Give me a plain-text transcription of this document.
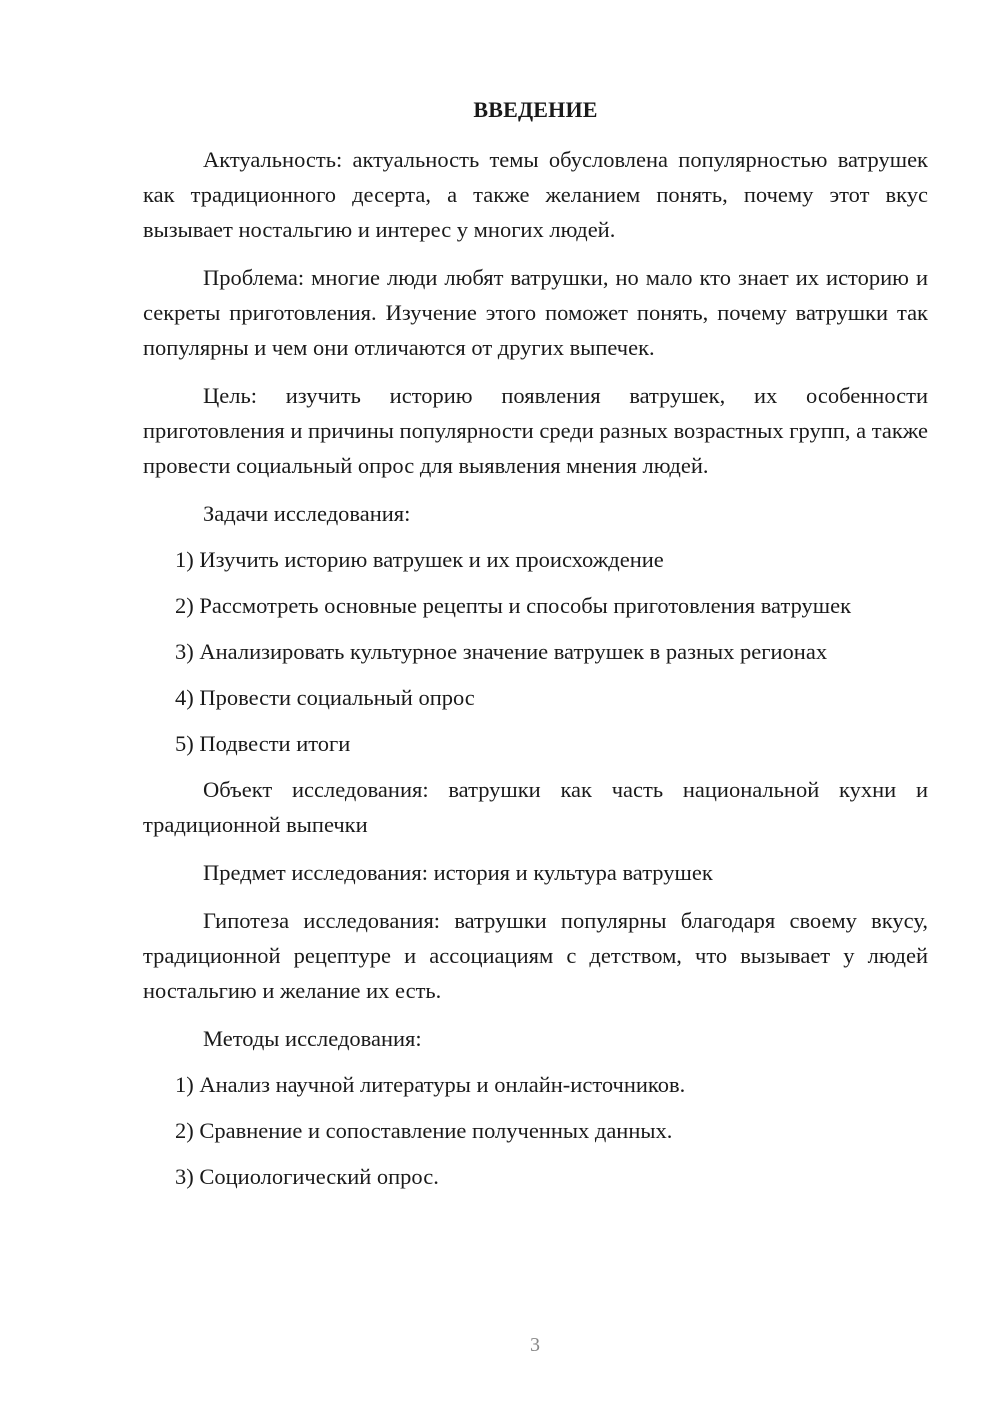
ВВЕДЕНИЕ

Актуальность: актуальность темы обусловлена популярностью ватрушек как традиционного десерта, а также желанием понять, почему этот вкус вызывает ностальгию и интерес у многих людей.

Проблема: многие люди любят ватрушки, но мало кто знает их историю и секреты приготовления. Изучение этого поможет понять, почему ватрушки так популярны и чем они отличаются от других выпечек.

Цель: изучить историю появления ватрушек, их особенности приготовления и причины популярности среди разных возрастных групп, а также провести социальный опрос для выявления мнения людей.

Задачи исследования:
1) Изучить историю ватрушек и их происхождение
2) Рассмотреть основные рецепты и способы приготовления ватрушек
3) Анализировать культурное значение ватрушек в разных регионах
4) Провести социальный опрос
5) Подвести итоги

Объект исследования: ватрушки как часть национальной кухни и традиционной выпечки

Предмет исследования: история и культура ватрушек

Гипотеза исследования: ватрушки популярны благодаря своему вкусу, традиционной рецептуре и ассоциациям с детством, что вызывает у людей ностальгию и желание их есть.

Методы исследования:
1) Анализ научной литературы и онлайн-источников.
2) Сравнение и сопоставление полученных данных.
3) Социологический опрос.
3
